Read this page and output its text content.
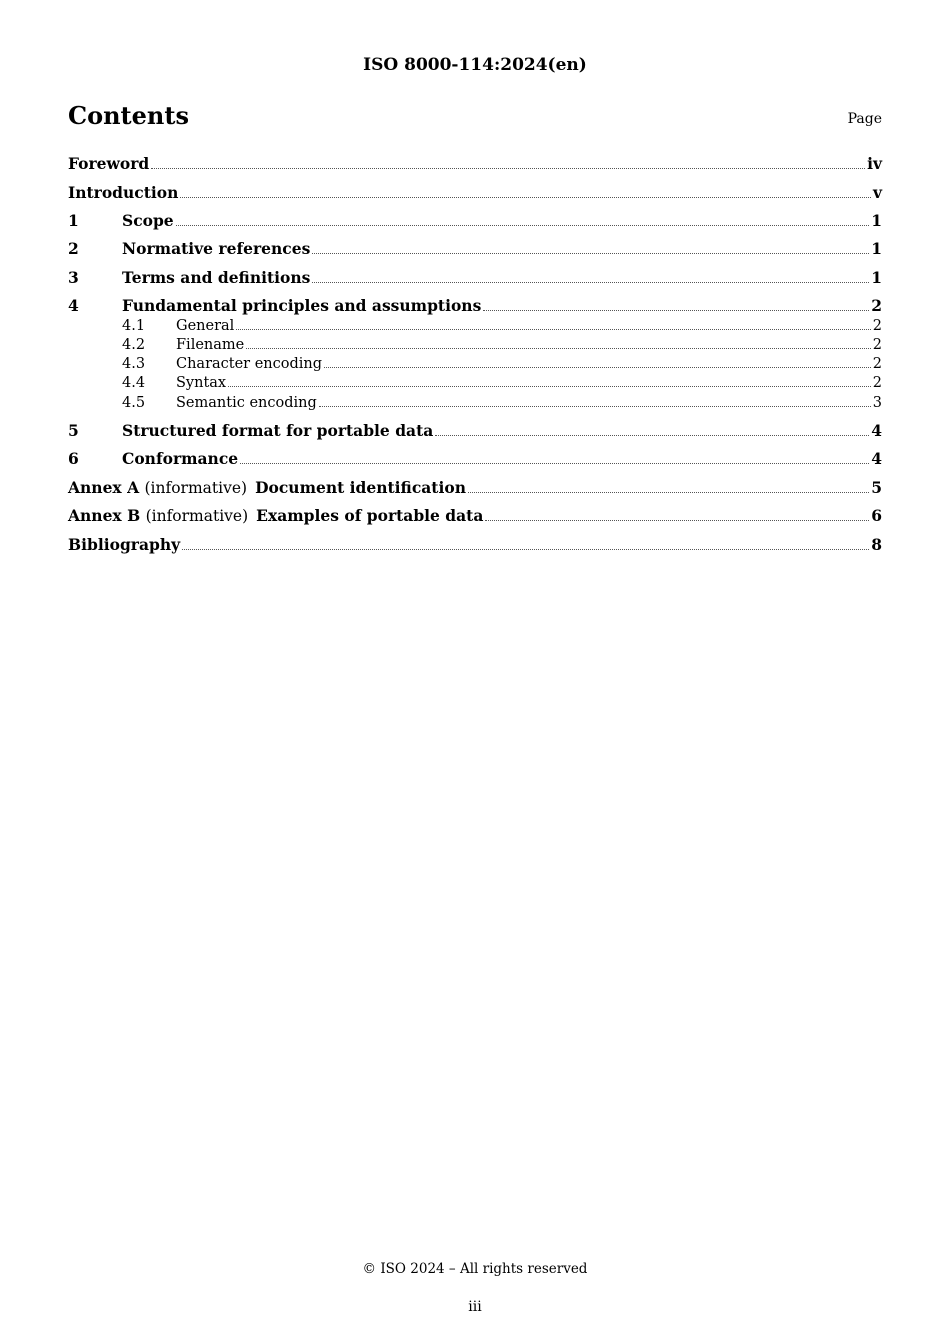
ISO 8000-114:2024(en)
Contents	Page
Foreword	iv
Introduction	v
1	Scope	1
2	Normative references	1
3	Terms and definitions	1
4	Fundamental principles and assumptions	2
4.1	General	2
4.2	Filename	2
4.3	Character encoding	2
4.4	Syntax	2
4.5	Semantic encoding	3
5	Structured format for portable data	4
6	Conformance	4
Annex A (informative) Document identification	5
Annex B (informative) Examples of portable data	6
Bibliography	8
© ISO 2024 – All rights reserved
iii
